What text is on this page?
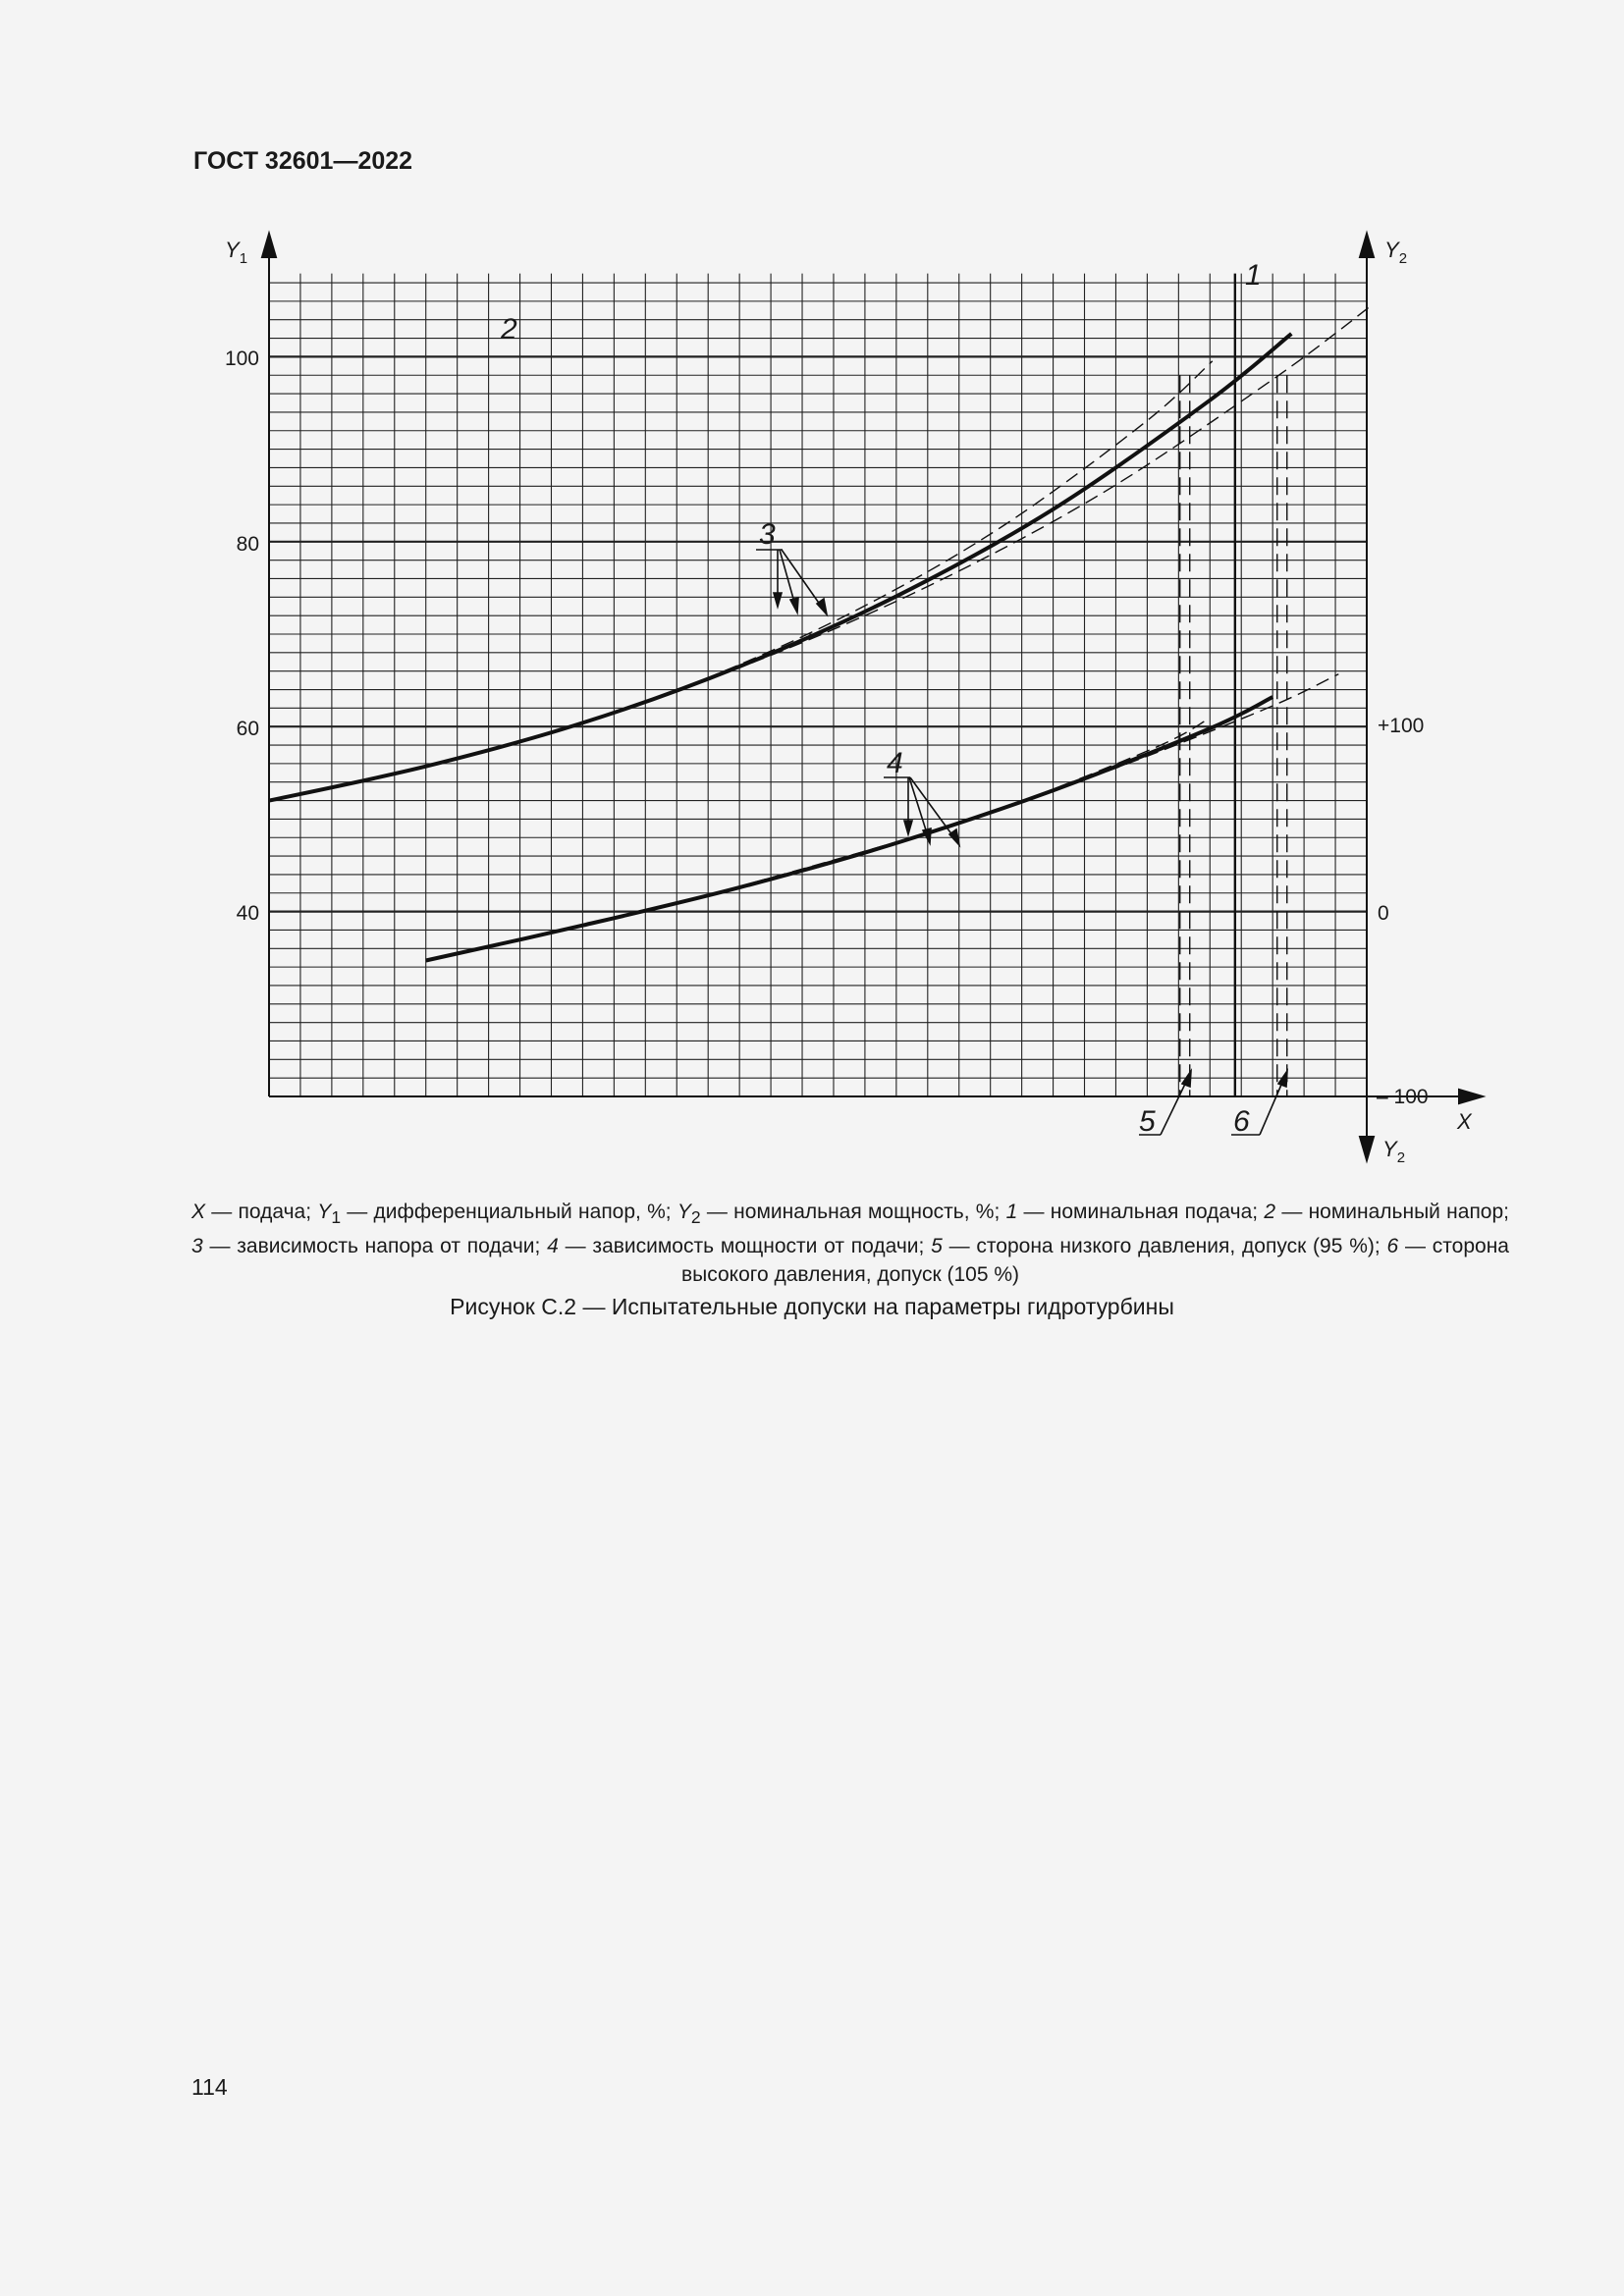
ГОСТ 32601—2022
$Y_1$	$Y_2$
$Y_2$
X
40
60
80
100
– 100
0
+100
1
2
3
4
5	6
X — подача; $Y_1$ — дифференциальный напор, %; $Y_2$ — номинальная мощность, %; 1 — номинальная подача; 2 — номинальный напор; 3 — зависимость напора от подачи; 4 — зависимость мощности от подачи; 5 — сторона низкого давления, допуск (95 %); 6 — сторона высокого давления, допуск (105 %)
Рисунок С.2 — Испытательные допуски на параметры гидротурбины
114
